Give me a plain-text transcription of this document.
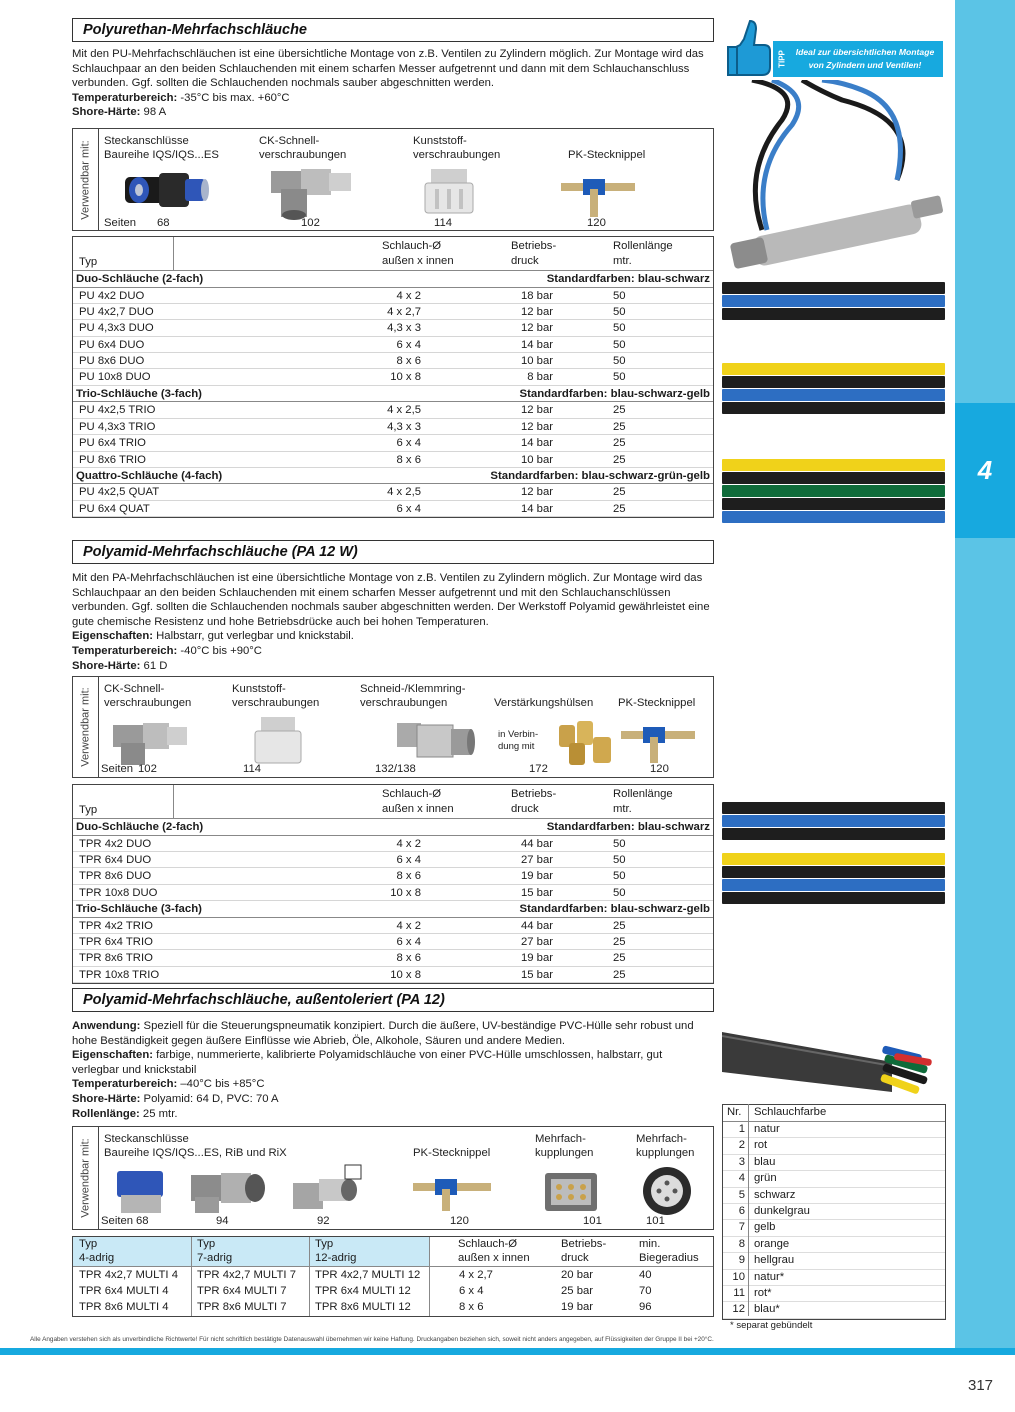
4
Alle Angaben verstehen sich als unverbindliche Richtwerte! Für nicht schriftlich bestätigte Datenauswahl übernehmen wir keine Haftung. Druckangaben beziehen sich, soweit nicht anders angegeben, auf Flüssigkeiten der Gruppe II bei +20°C.
317
Polyurethan-Mehrfachschläuche
Mit den PU-Mehrfachschläuchen ist eine übersichtliche Montage von z.B. Ventilen zu Zylindern möglich. Zur Montage wird das Schlauchpaar an den beiden Schlauchenden mit einem scharfen Messer aufgetrennt und dann mit dem Schlauchanschluss verbunden. Ggf. sollten die Schlauchenden nochmals sauber abgeschnitten werden.
Temperaturbereich: -35°C bis max. +60°C
Shore-Härte: 98 A
Verwendbar mit: Steckanschlüsse
Baureihe IQS/IQS...ES
CK-Schnell-
verschraubungen
Kunststoff-
verschraubungen	PK-Stecknippel
Seiten 68	102	114	120
Typ
Schlauch-Ø
außen x innen
Betriebs-
druck
Rollenlänge
mtr.
Duo-Schläuche (2-fach)	Standardfarben: blau-schwarz
PU 4x2 DUO	4 x 2	18 bar	50
PU 4x2,7 DUO	4 x 2,7	12 bar	50
PU 4,3x3 DUO	4,3 x 3	12 bar	50
PU 6x4 DUO	6 x 4	14 bar	50
PU 8x6 DUO	8 x 6	10 bar	50
PU 10x8 DUO	10 x 8	8 bar	50
Trio-Schläuche (3-fach)	Standardfarben: blau-schwarz-gelb
PU 4x2,5 TRIO	4 x 2,5	12 bar	25
PU 4,3x3 TRIO	4,3 x 3	12 bar	25
PU 6x4 TRIO	6 x 4	14 bar	25
PU 8x6 TRIO	8 x 6	10 bar	25
Quattro-Schläuche (4-fach)	Standardfarben: blau-schwarz-grün-gelb
PU 4x2,5 QUAT	4 x 2,5	12 bar	25
PU 6x4 QUAT	6 x 4	14 bar	25
Polyamid-Mehrfachschläuche (PA 12 W)
Mit den PA-Mehrfachschläuchen ist eine übersichtliche Montage von z.B. Ventilen zu Zylindern möglich. Zur Montage wird das Schlauchpaar an den beiden Schlauchenden mit einem scharfen Messer aufgetrennt und mit den Schlauchanschlüssen verbunden. Ggf. sollten die Schlauchenden nochmals sauber abgeschnitten werden. Der Werkstoff Polyamid gewährleistet eine gute chemische Resistenz und hohe Betriebsdrücke auch bei hohen Temperaturen.
Eigenschaften: Halbstarr, gut verlegbar und knickstabil.
Temperaturbereich: -40°C bis +90°C
Shore-Härte: 61 D
Verwendbar mit: CK-Schnell-
verschraubungen
Kunststoff-
verschraubungen
Schneid-/Klemmring-
verschraubungen	Verstärkungshülsen PK-Stecknippel
in Verbin-
dung mit
Seiten 102	114	132/138	172	120
Typ
Schlauch-Ø
außen x innen
Betriebs-
druck
Rollenlänge
mtr.
Duo-Schläuche (2-fach)	Standardfarben: blau-schwarz
TPR 4x2 DUO	4 x 2	44 bar	50
TPR 6x4 DUO	6 x 4	27 bar	50
TPR 8x6 DUO	8 x 6	19 bar	50
TPR 10x8 DUO	10 x 8	15 bar	50
Trio-Schläuche (3-fach)	Standardfarben: blau-schwarz-gelb
TPR 4x2 TRIO	4 x 2	44 bar	25
TPR 6x4 TRIO	6 x 4	27 bar	25
TPR 8x6 TRIO	8 x 6	19 bar	25
TPR 10x8 TRIO	10 x 8	15 bar	25
Polyamid-Mehrfachschläuche, außentoleriert (PA 12)
Anwendung: Speziell für die Steuerungspneumatik konzipiert. Durch die äußere, UV-beständige PVC-Hülle sehr robust und hohe Beständigkeit gegen äußere Einflüsse wie Abrieb, Öle, Alkohole, Säuren und andere Medien.
Eigenschaften: farbige, nummerierte, kalibrierte Polyamidschläuche von einer PVC-Hülle umschlossen, halbstarr, gut verlegbar und knickstabil
Temperaturbereich: –40°C bis +85°C
Shore-Härte: Polyamid: 64 D, PVC: 70 A
Rollenlänge: 25 mtr.
Verwendbar mit: Steckanschlüsse
Baureihe IQS/IQS...ES, RiB und RiX	PK-Stecknippel
Mehrfach-
kupplungen
Mehrfach-
kupplungen
Seiten 68	94	92	120	101	101
Typ
4-adrig
Typ
7-adrig
Typ
12-adrig
Schlauch-Ø
außen x innen
Betriebs-
druck
min.
Biegeradius
TPR 4x2,7 MULTI 4 TPR 4x2,7 MULTI 7 TPR 4x2,7 MULTI 12	4 x 2,7	20 bar	40
TPR 6x4 MULTI 4	TPR 6x4 MULTI 7	TPR 6x4 MULTI 12	6 x 4	25 bar	70
TPR 8x6 MULTI 4	TPR 8x6 MULTI 7	TPR 8x6 MULTI 12	8 x 6	19 bar	96
Ideal zur übersichtlichen Montage von Zylindern und Ventilen!
TIPP
Nr.	Schlauchfarbe
1 natur
2 rot
3 blau
4 grün
5 schwarz
6 dunkelgrau
7 gelb
8 orange
9 hellgrau
10 natur*
11 rot*
12 blau*
* separat gebündelt
